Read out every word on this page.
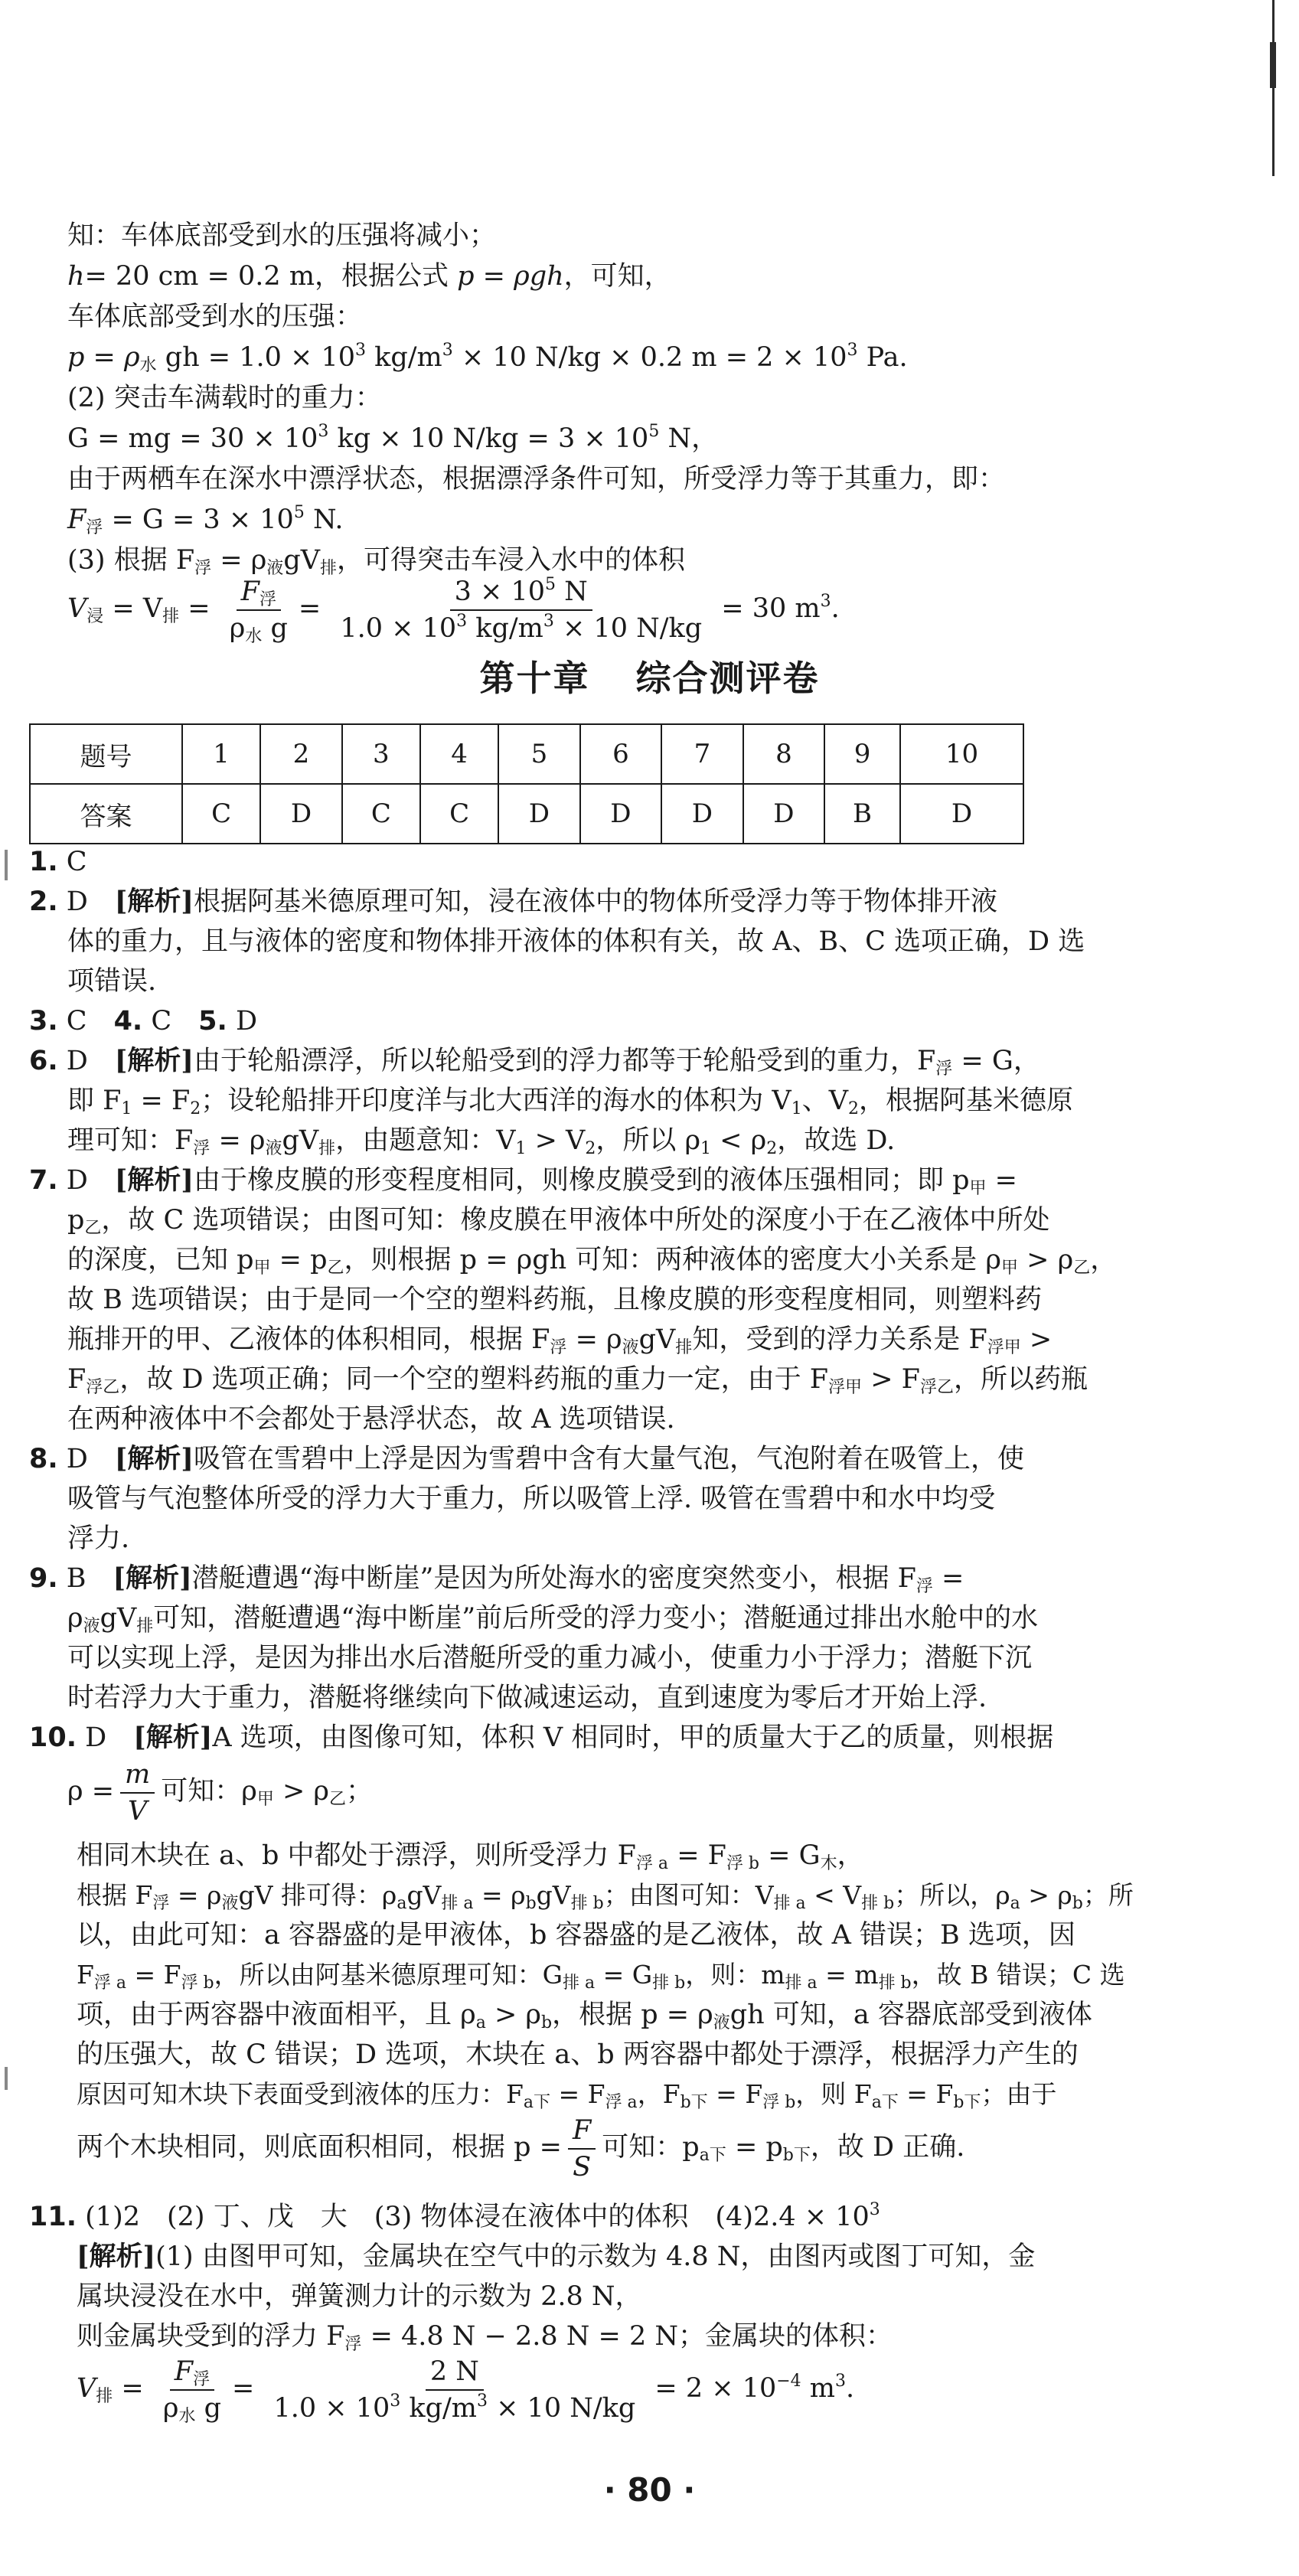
知：车体底部受到水的压强将减小；
h= 20 cm = 0.2 m，根据公式 p = ρgh，可知，
车体底部受到水的压强：
$p = \rho_水$ gh = $1.0 \times 10^3$ $kg/m^3 \times 10$ N/kg × 0.2 $m = 2 \times 10^3$ Pa.
(2) 突击车满载时的重力：
G = mg = $30 \times 10^3$ kg × 10 $N/kg = 3 \times 10^5$ N，
由于两栖车在深水中漂浮状态，根据漂浮条件可知，所受浮力等于其重力，即：
$F_浮 = G = 3 \times 10^5$ N.
(3) 根据 $F_浮 = \rho_液gV_排$，可得突击车浸入水中的体积
$V_浸 = V_排 = \frac{F_浮}{\rho_水 g} = \frac{3 \times 10^5 N}{1.0 \times 10^3 kg/m^3 \times 10 N/kg} = 30$ $m^3$.
第十章 综合测评卷
题号	1	2	3	4	5	6	7	8	9	10
答案	C	D	C	C	D	D	D	D	B	D
1. C
2. D　 [解析]根据阿基米德原理可知，浸在液体中的物体所受浮力等于物体排开液
体的重力，且与液体的密度和物体排开液体的体积有关，故 A、B、C 选项正确，D 选
项错误.
3. C　 4. C　 5. D
6. D　 [解析]由于轮船漂浮，所以轮船受到的浮力都等于轮船受到的重力，$F_浮 = G$，
即 $F_1 = F_2$；设轮船排开印度洋与北大西洋的海水的体积为 $V_1$、$V_2$，根据阿基米德原
理可知：$F_浮 = \rho_液gV_排$，由题意知：$V_1 > V_2$，所以 $\rho_1 < \rho_2$，故选 D.
7. D　 [解析]由于橡皮膜的形变程度相同，则橡皮膜受到的液体压强相同；即 $p_甲$ =
$p_乙$，故 C 选项错误；由图可知：橡皮膜在甲液体中所处的深度小于在乙液体中所处
的深度，已知 $p_甲 = p_乙$，则根据 p = ρgh 可知：两种液体的密度大小关系是 $\rho_甲 > \rho_乙$，
故 B 选项错误；由于是同一个空的塑料药瓶，且橡皮膜的形变程度相同，则塑料药
瓶排开的甲、乙液体的体积相同，根据 $F_浮 = \rho_液gV_排$知，受到的浮力关系是 $F_{浮甲}$ >
$F_{浮乙}$，故 D 选项正确；同一个空的塑料药瓶的重力一定，由于 $F_{浮甲} > F_{浮乙}$，所以药瓶
在两种液体中不会都处于悬浮状态，故 A 选项错误.
8. D　 [解析]吸管在雪碧中上浮是因为雪碧中含有大量气泡，气泡附着在吸管上，使
吸管与气泡整体所受的浮力大于重力，所以吸管上浮. 吸管在雪碧中和水中均受
浮力.
9. B　 [解析]潜艇遭遇“海中断崖”是因为所处海水的密度突然变小，根据 $F_浮$ =
$\rho_液gV_排$可知，潜艇遭遇“海中断崖”前后所受的浮力变小；潜艇通过排出水舱中的水
可以实现上浮，是因为排出水后潜艇所受的重力减小，使重力小于浮力；潜艇下沉
时若浮力大于重力，潜艇将继续向下做减速运动，直到速度为零后才开始上浮.
10. D　 [解析]A 选项，由图像可知，体积 V 相同时，甲的质量大于乙的质量，则根据
$\rho = \frac{m}{V}$ 可知：$\rho_甲 > \rho_乙$；
相同木块在 a、b 中都处于漂浮，则所受浮力 $F_{浮 a} = F_{浮 b} = G_木$，
根据 $F_浮 = \rho_液gV$ 排可得：$\rho_agV_{排 a} = \rho_bgV_{排 b}$；由图可知：$V_{排 a} < V_{排 b}$；所以，$\rho_a > \rho_b$；所
以，由此可知：a 容器盛的是甲液体，b 容器盛的是乙液体，故 A 错误；B 选项，因
$F_{浮 a} = F_{浮 b}$，所以由阿基米德原理可知：$G_{排 a} = G_{排 b}$，则：$m_{排 a} = m_{排 b}$，故 B 错误；C 选
项，由于两容器中液面相平，且 $\rho_a > \rho_b$，根据 $p = \rho_液gh$ 可知，a 容器底部受到液体
的压强大，故 C 错误；D 选项，木块在 a、b 两容器中都处于漂浮，根据浮力产生的
原因可知木块下表面受到液体的压力：$F_{a下} = F_{浮 a}$，$F_{b下} = F_{浮 b}$，则 $F_{a下} = F_{b下}$；由于
两个木块相同，则底面积相同，根据 $p = \frac{F}{S}$ 可知：$p_{a下} = p_{b下}$，故 D 正确.
11. (1)2　(2) 丁、戊　大　(3) 物体浸在液体中的体积　$(4)2.4 \times 10^3$
[解析](1) 由图甲可知，金属块在空气中的示数为 4.8 N，由图丙或图丁可知，金
属块浸没在水中，弹簧测力计的示数为 2.8 N，
则金属块受到的浮力 $F_浮 = 4.8$ N − 2.8 N = 2 N；金属块的体积：
$V_排 = \frac{F_浮}{\rho_水 g} = \frac{2 N}{1.0 \times 10^3 kg/m^3 \times 10 N/kg} = 2 \times 10^{-4}$ $m^3$.
· 80 ·
